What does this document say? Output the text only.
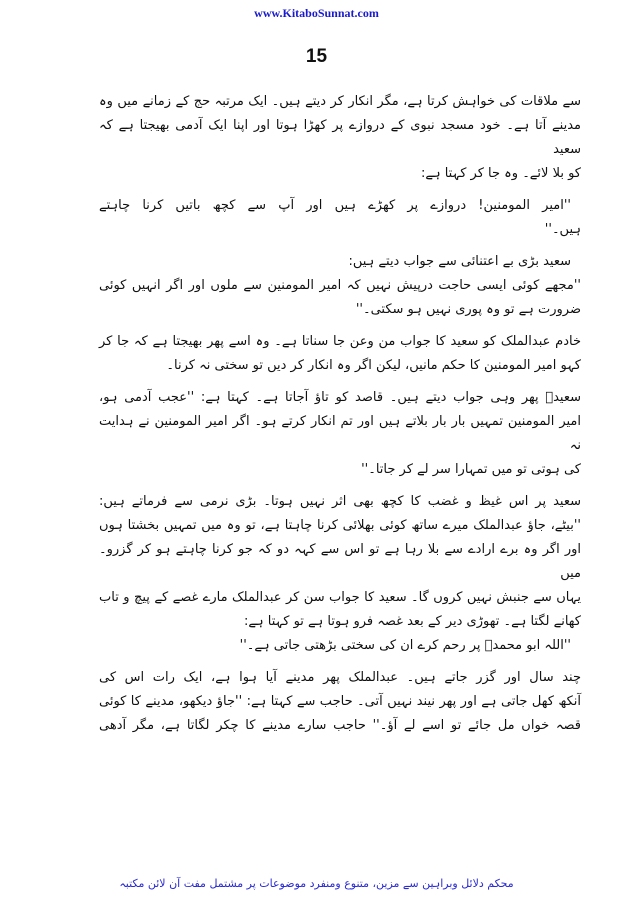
www.KitaboSunnat.com
15
سے ملاقات کی خواہش کرتا ہے، مگر انکار کر دیتے ہیں۔ ایک مرتبہ حج کے زمانے میں وہ
مدینے آتا ہے۔ خود مسجد نبوی کے دروازے پر کھڑا ہوتا اور اپنا ایک آدمی بھیجتا ہے کہ سعید
کو بلا لائے۔ وہ جا کر کہتا ہے:
''امیر المومنین! دروازے پر کھڑے ہیں اور آپ سے کچھ باتیں کرنا چاہتے
ہیں۔''
سعید بڑی بے اعتنائی سے جواب دیتے ہیں:
''مجھے کوئی ایسی حاجت درپیش نہیں کہ امیر المومنین سے ملوں اور اگر انہیں کوئی
ضرورت ہے تو وہ پوری نہیں ہو سکتی۔''
خادم عبدالملک کو سعید کا جواب من وعن جا سناتا ہے۔ وہ اسے پھر بھیجتا ہے کہ جا کر
کہو امیر المومنین کا حکم مانیں، لیکن اگر وہ انکار کر دیں تو سختی نہ کرنا۔
سعیدؒ پھر وہی جواب دیتے ہیں۔ قاصد کو تاؤ آجاتا ہے۔ کہتا ہے: ''عجب آدمی ہو،
امیر المومنین تمہیں بار بار بلاتے ہیں اور تم انکار کرتے ہو۔ اگر امیر المومنین نے ہدایت نہ
کی ہوتی تو میں تمہارا سر لے کر جاتا۔''
سعید پر اس غیظ و غضب کا کچھ بھی اثر نہیں ہوتا۔ بڑی نرمی سے فرماتے ہیں:
''بیٹے، جاؤ عبدالملک میرے ساتھ کوئی بھلائی کرنا چاہتا ہے، تو وہ میں تمہیں بخشتا ہوں
اور اگر وہ برے ارادے سے بلا رہا ہے تو اس سے کہہ دو کہ جو کرنا چاہتے ہو کر گزرو۔ میں
یہاں سے جنبش نہیں کروں گا۔ سعید کا جواب سن کر عبدالملک مارے غصے کے پیچ و تاب
کھانے لگتا ہے۔ تھوڑی دیر کے بعد غصہ فرو ہوتا ہے تو کہتا ہے:
''اللہ ابو محمدؒ پر رحم کرے ان کی سختی بڑھتی جاتی ہے۔''
چند سال اور گزر جاتے ہیں۔ عبدالملک پھر مدینے آیا ہوا ہے، ایک رات اس کی
آنکھ کھل جاتی ہے اور پھر نیند نہیں آتی۔ حاجب سے کہتا ہے: ''جاؤ دیکھو، مدینے کا کوئی
قصہ خواں مل جائے تو اسے لے آؤ۔'' حاجب سارے مدینے کا چکر لگاتا ہے، مگر آدھی
محکم دلائل وبراہین سے مزین، متنوع ومنفرد موضوعات پر مشتمل مفت آن لائن مکتبہ
